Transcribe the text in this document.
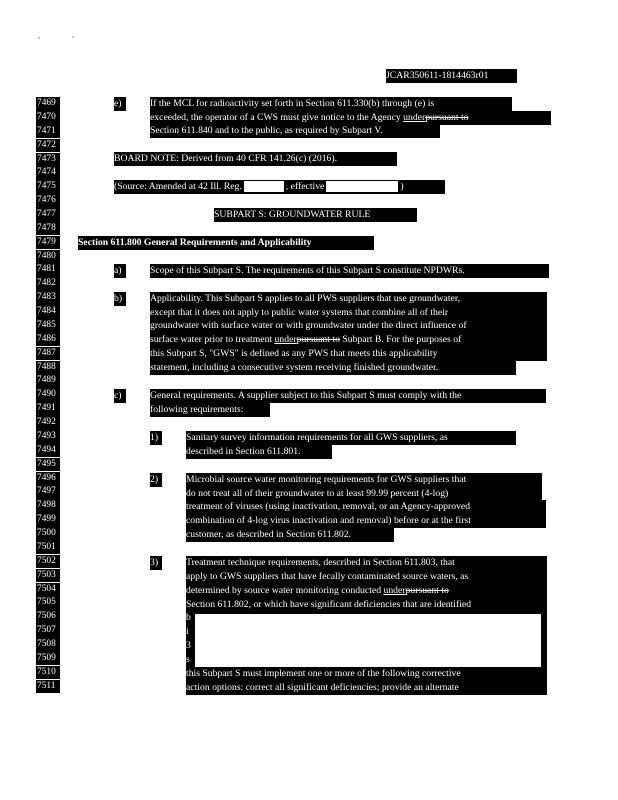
JCAR350611-1814463r01
7469
7470
7471
7472
7473
7474
7475
7476
7477
7478
7479
7480
7481
7482
7483
7484
7485
7486
7487
7488
7489
7490
7491
7492
7493
7494
7495
7496
7497
7498
7499
7500
7501
7502
7503
7504
7505
7506
7507
7508
7509
7510
7511
e)	If the MCL for radioactivity set forth in Section 611.330(b) through (e) is
exceeded, the operator of a CWS must give notice to the Agency underpursuant to
Section 611.840 and to the public, as required by Subpart V.
BOARD NOTE: Derived from 40 CFR 141.26(c) (2016).
(Source: Amended at 42 Ill. Reg.	, effective	)
SUBPART S: GROUNDWATER RULE
Section 611.800 General Requirements and Applicability
a)	Scope of this Subpart S. The requirements of this Subpart S constitute NPDWRs.
b)	Applicability. This Subpart S applies to all PWS suppliers that use groundwater,
except that it does not apply to public water systems that combine all of their
groundwater with surface water or with groundwater under the direct influence of
surface water prior to treatment underpursuant to Subpart B. For the purposes of
this Subpart S, "GWS" is defined as any PWS that meets this applicability
statement, including a consecutive system receiving finished groundwater.
c)	General requirements. A supplier subject to this Subpart S must comply with the
following requirements:
1)	Sanitary survey information requirements for all GWS suppliers, as
described in Section 611.801.
2)	Microbial source water monitoring requirements for GWS suppliers that
do not treat all of their groundwater to at least 99.99 percent (4-log)
treatment of viruses (using inactivation, removal, or an Agency-approved
combination of 4-log virus inactivation and removal) before or at the first
customer, as described in Section 611.802.
3)	Treatment technique requirements, described in Section 611.803, that
apply to GWS suppliers that have fecally contaminated source waters, as
determined by source water monitoring conducted underpursuant to
Section 611.802, or which have significant deficiencies that are identified
b
i
3
s
this Subpart S must implement one or more of the following corrective
action options: correct all significant deficiencies; provide an alternate
